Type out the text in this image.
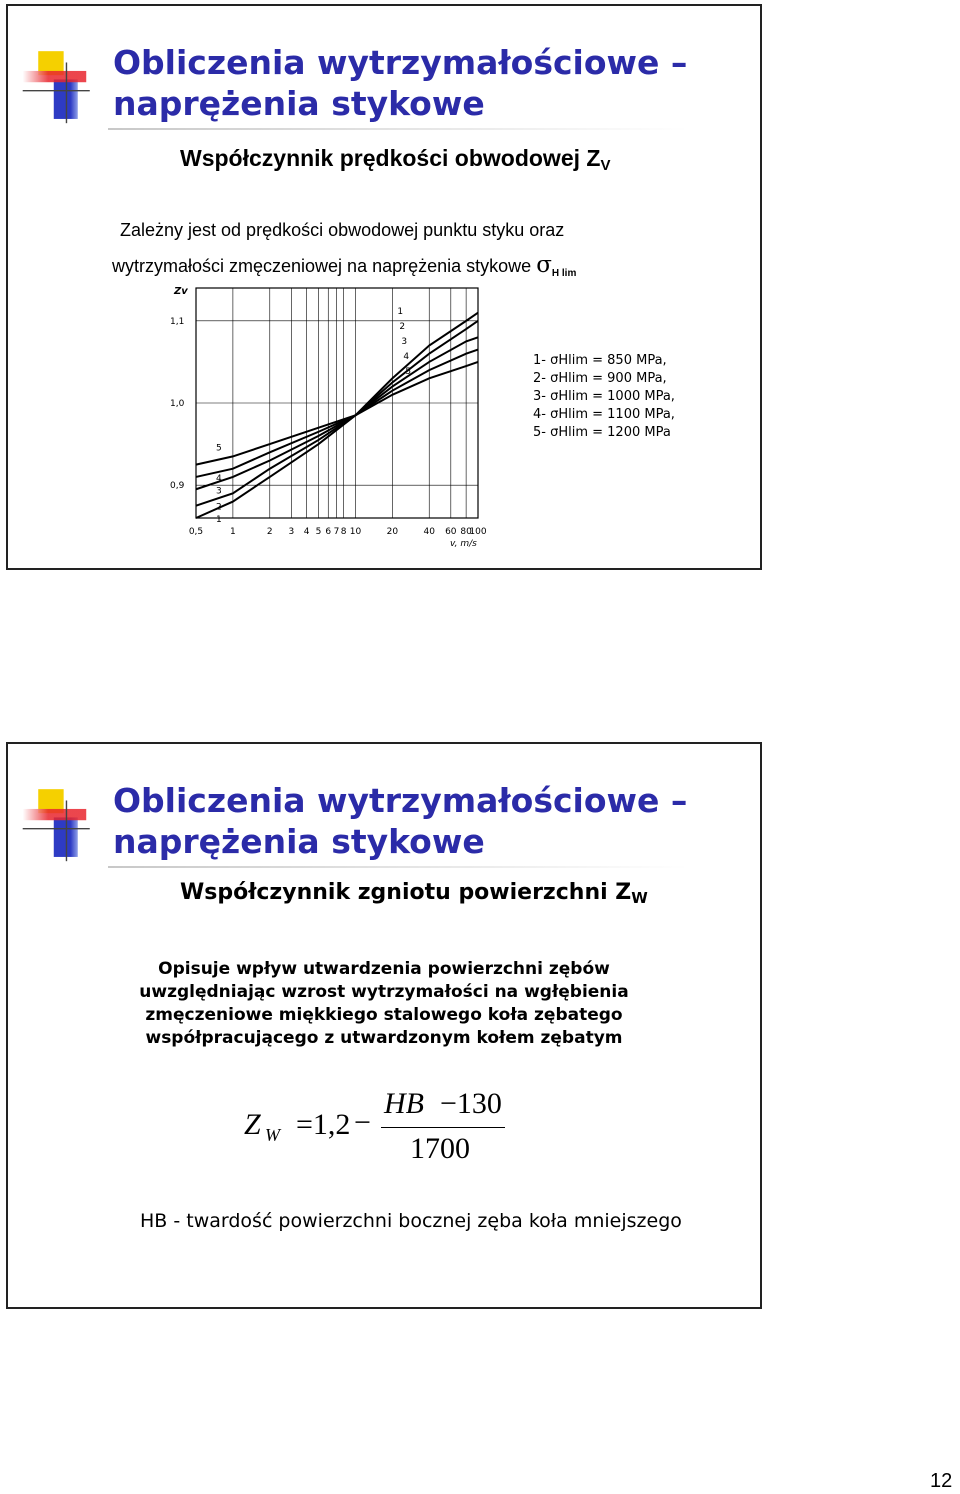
Obliczenia wytrzymałościowe –
naprężenia stykowe
Współczynnik prędkości obwodowej $Z_V$
Zależny jest od prędkości obwodowej punktu styku oraz
wytrzymałości zmęczeniowej na naprężenia stykowe $\sigma_{H lim}$
0,5	1	2 3 4 5 6 7 8 10	20	40 60 80
100
1,1
1,0
0,9
Zv
v, m/s
1
1
2
2
3
3
4
4
5
5
1- σHlim = 850 MPa,
2- σHlim = 900 MPa,
3- σHlim = 1000 MPa,
4- σHlim = 1100 MPa,
5- σHlim = 1200 MPa
Obliczenia wytrzymałościowe –
naprężenia stykowe
Współczynnik zgniotu powierzchni $Z_W$
Opisuje wpływ utwardzenia powierzchni zębów
uwzględniając wzrost wytrzymałości na wgłębienia
zmęczeniowe miękkiego stalowego koła zębatego
współpracującego z utwardzonym kołem zębatym
Z W =1,2 −
HB −130
1700
HB - twardość powierzchni bocznej zęba koła mniejszego
12
